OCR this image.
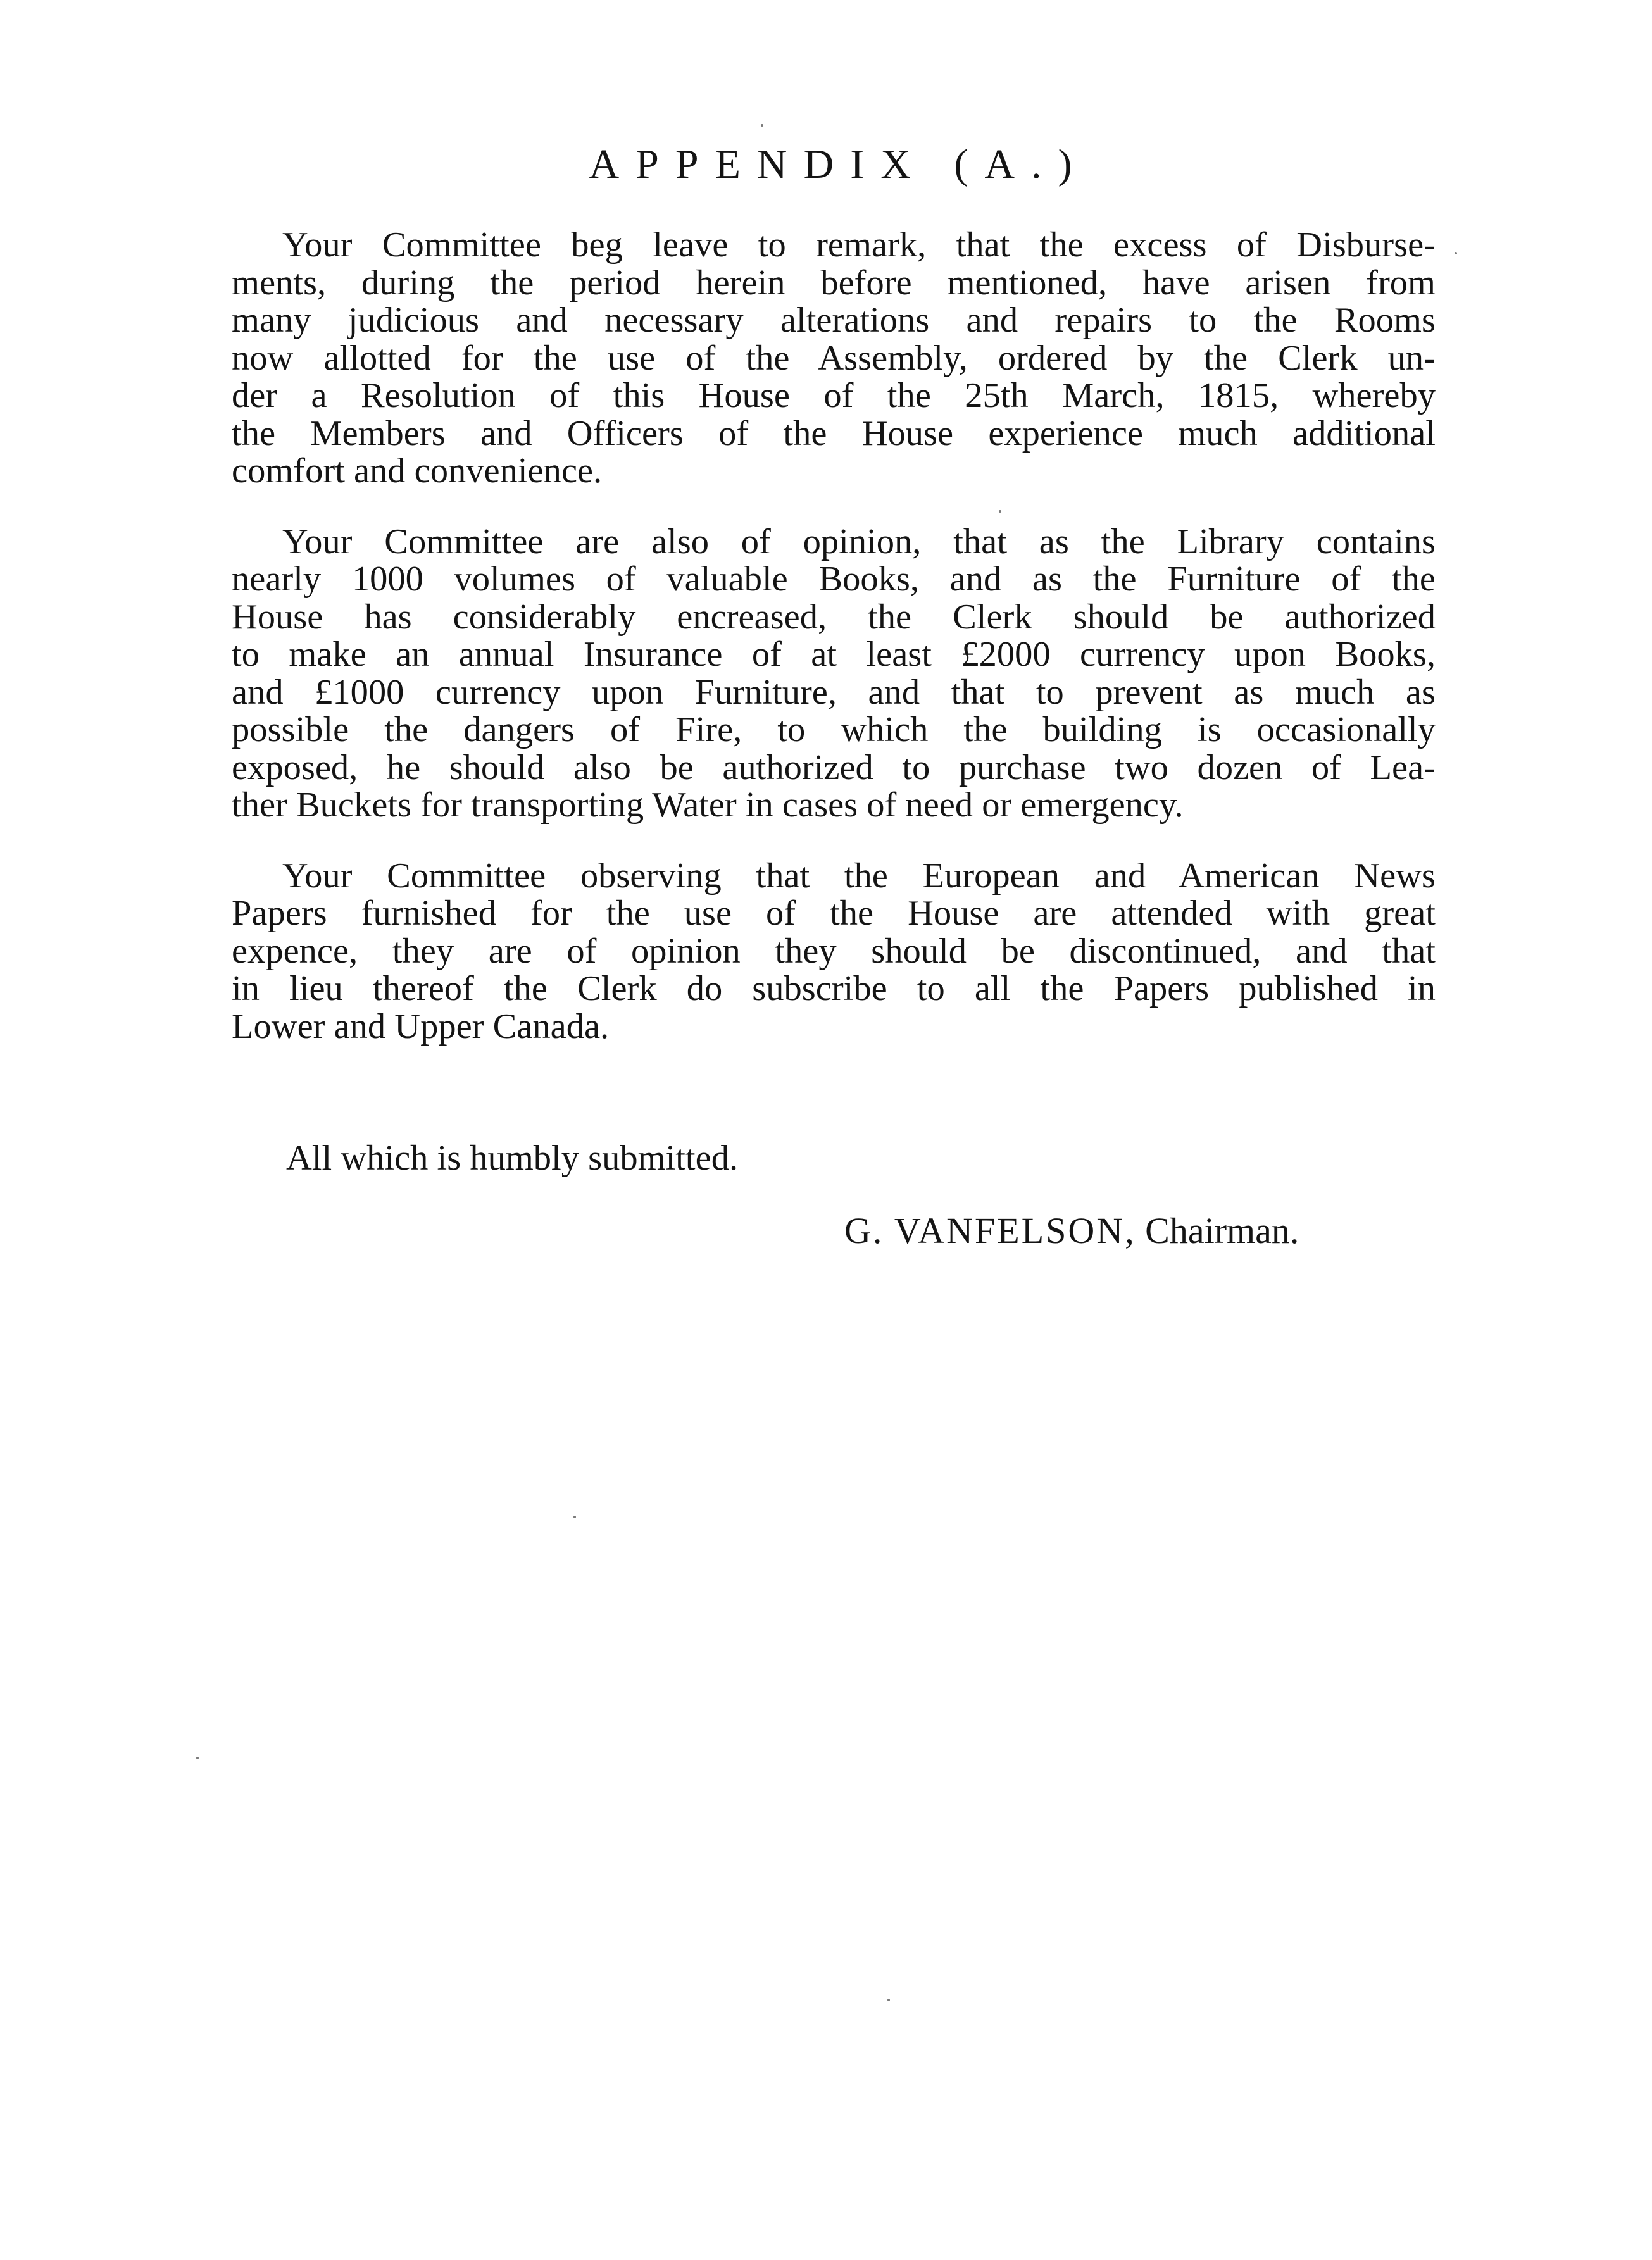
APPENDIX (A.)
Your Committee beg leave to remark, that the excess of Disburse-
ments, during the period herein before mentioned, have arisen from
many judicious and necessary alterations and repairs to the Rooms
now allotted for the use of the Assembly, ordered by the Clerk un-
der a Resolution of this House of the 25th March, 1815, whereby
the Members and Officers of the House experience much additional
comfort and convenience.
Your Committee are also of opinion, that as the Library contains
nearly 1000 volumes of valuable Books, and as the Furniture of the
House has considerably encreased, the Clerk should be authorized
to make an annual Insurance of at least £2000 currency upon Books,
and £1000 currency upon Furniture, and that to prevent as much as
possible the dangers of Fire, to which the building is occasionally
exposed, he should also be authorized to purchase two dozen of Lea-
ther Buckets for transporting Water in cases of need or emergency.
Your Committee observing that the European and American News
Papers furnished for the use of the House are attended with great
expence, they are of opinion they should be discontinued, and that
in lieu thereof the Clerk do subscribe to all the Papers published in
Lower and Upper Canada.
All which is humbly submitted.
G. VANFELSON, Chairman.
